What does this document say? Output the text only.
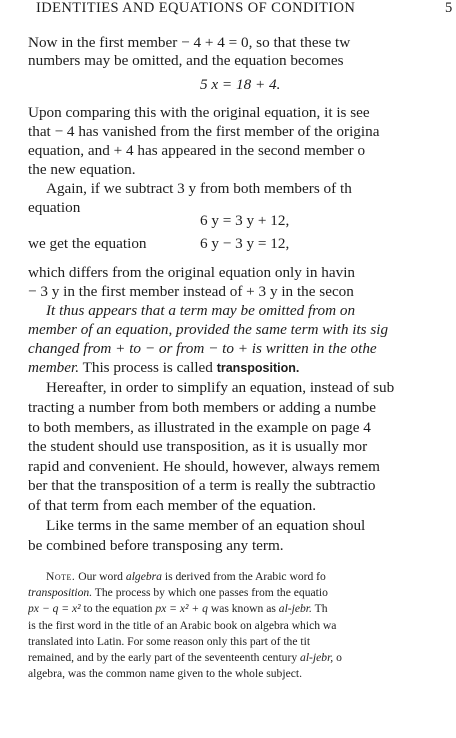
IDENTITIES AND EQUATIONS OF CONDITION	5
Now in the first member − 4 + 4 = 0, so that these tw
numbers may be omitted, and the equation becomes
5 x = 18 + 4.
Upon comparing this with the original equation, it is see
that − 4 has vanished from the first member of the origina
equation, and + 4 has appeared in the second member o
the new equation.
Again, if we subtract 3 y from both members of th
equation
6 y = 3 y + 12,
we get the equation	6 y − 3 y = 12,
which differs from the original equation only in havin
− 3 y in the first member instead of + 3 y in the secon
It thus appears that a term may be omitted from on
member of an equation, provided the same term with its sig
changed from + to − or from − to + is written in the othe
member. This process is called transposition.
Hereafter, in order to simplify an equation, instead of sub
tracting a number from both members or adding a numbe
to both members, as illustrated in the example on page 4
the student should use transposition, as it is usually mor
rapid and convenient. He should, however, always remem
ber that the transposition of a term is really the subtractio
of that term from each member of the equation.
Like terms in the same member of an equation shoul
be combined before transposing any term.
Note. Our word algebra is derived from the Arabic word fo
transposition. The process by which one passes from the equatio
px − q = x² to the equation px = x² + q was known as al-jebr. Th
is the first word in the title of an Arabic book on algebra which wa
translated into Latin. For some reason only this part of the tit
remained, and by the early part of the seventeenth century al-jebr, o
algebra, was the common name given to the whole subject.
